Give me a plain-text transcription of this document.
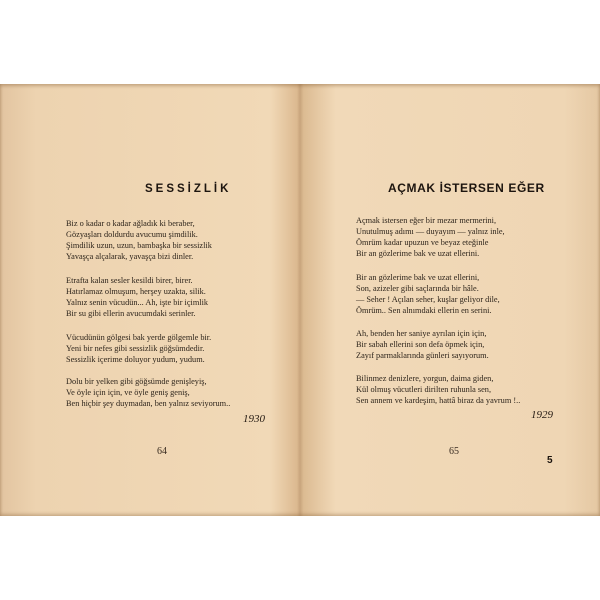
SESSİZLİK
Biz o kadar o kadar ağladık ki beraber,
Gözyaşları doldurdu avucumu şimdilik.
Şimdilik uzun, uzun, bambaşka bir sessizlik
Yavaşça alçalarak, yavaşça bizi dinler.
Etrafta kalan sesler kesildi birer, birer.
Hatırlamaz olmuşum, herşey uzakta, silik.
Yalnız senin vücudün... Ah, işte bir içimlik
Bir su gibi ellerin avucumdaki serinler.
Vücudünün gölgesi bak yerde gölgemle bir.
Yeni bir nefes gibi sessizlik göğsümdedir.
Sessizlik içerime doluyor yudum, yudum.
Dolu bir yelken gibi göğsümde genişleyiş,
Ve öyle için için, ve öyle geniş geniş,
Ben hiçbir şey duymadan, ben yalnız seviyorum..
1930
64
AÇMAK İSTERSEN EĞER
Açmak istersen eğer bir mezar mermerini,
Unutulmuş adımı — duyayım — yalnız inle,
Ömrüm kadar upuzun ve beyaz eteğinle
Bir an gözlerime bak ve uzat ellerini.
Bir an gözlerime bak ve uzat ellerini,
Son, azizeler gibi saçlarında bir hâle.
— Seher ! Açılan seher, kuşlar geliyor dile,
Ömrüm.. Sen alnımdaki ellerin en serini.
Ah, benden her saniye ayrılan için için,
Bir sabah ellerini son defa öpmek için,
Zayıf parmaklarında günleri sayıyorum.
Bilinmez denizlere, yorgun, daima giden,
Kül olmuş vücutleri dirilten ruhunla sen,
Sen annem ve kardeşim, hattâ biraz da yavrum !..
1929
65
5
